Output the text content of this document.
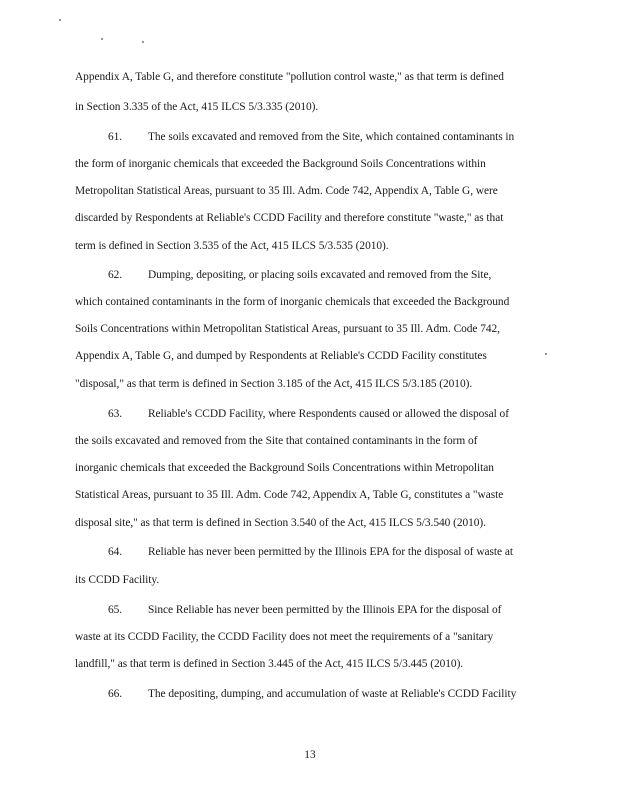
Appendix A, Table G, and therefore constitute "pollution control waste," as that term is defined
in Section 3.335 of the Act, 415 ILCS 5/3.335 (2010).
61. The soils excavated and removed from the Site, which contained contaminants in
the form of inorganic chemicals that exceeded the Background Soils Concentrations within
Metropolitan Statistical Areas, pursuant to 35 Ill. Adm. Code 742, Appendix A, Table G, were
discarded by Respondents at Reliable's CCDD Facility and therefore constitute "waste," as that
term is defined in Section 3.535 of the Act, 415 ILCS 5/3.535 (2010).
62. Dumping, depositing, or placing soils excavated and removed from the Site,
which contained contaminants in the form of inorganic chemicals that exceeded the Background
Soils Concentrations within Metropolitan Statistical Areas, pursuant to 35 Ill. Adm. Code 742,
Appendix A, Table G, and dumped by Respondents at Reliable's CCDD Facility constitutes
"disposal," as that term is defined in Section 3.185 of the Act, 415 ILCS 5/3.185 (2010).
63. Reliable's CCDD Facility, where Respondents caused or allowed the disposal of
the soils excavated and removed from the Site that contained contaminants in the form of
inorganic chemicals that exceeded the Background Soils Concentrations within Metropolitan
Statistical Areas, pursuant to 35 Ill. Adm. Code 742, Appendix A, Table G, constitutes a "waste
disposal site," as that term is defined in Section 3.540 of the Act, 415 ILCS 5/3.540 (2010).
64. Reliable has never been permitted by the Illinois EPA for the disposal of waste at
its CCDD Facility.
65. Since Reliable has never been permitted by the Illinois EPA for the disposal of
waste at its CCDD Facility, the CCDD Facility does not meet the requirements of a "sanitary
landfill," as that term is defined in Section 3.445 of the Act, 415 ILCS 5/3.445 (2010).
66. The depositing, dumping, and accumulation of waste at Reliable's CCDD Facility
13
